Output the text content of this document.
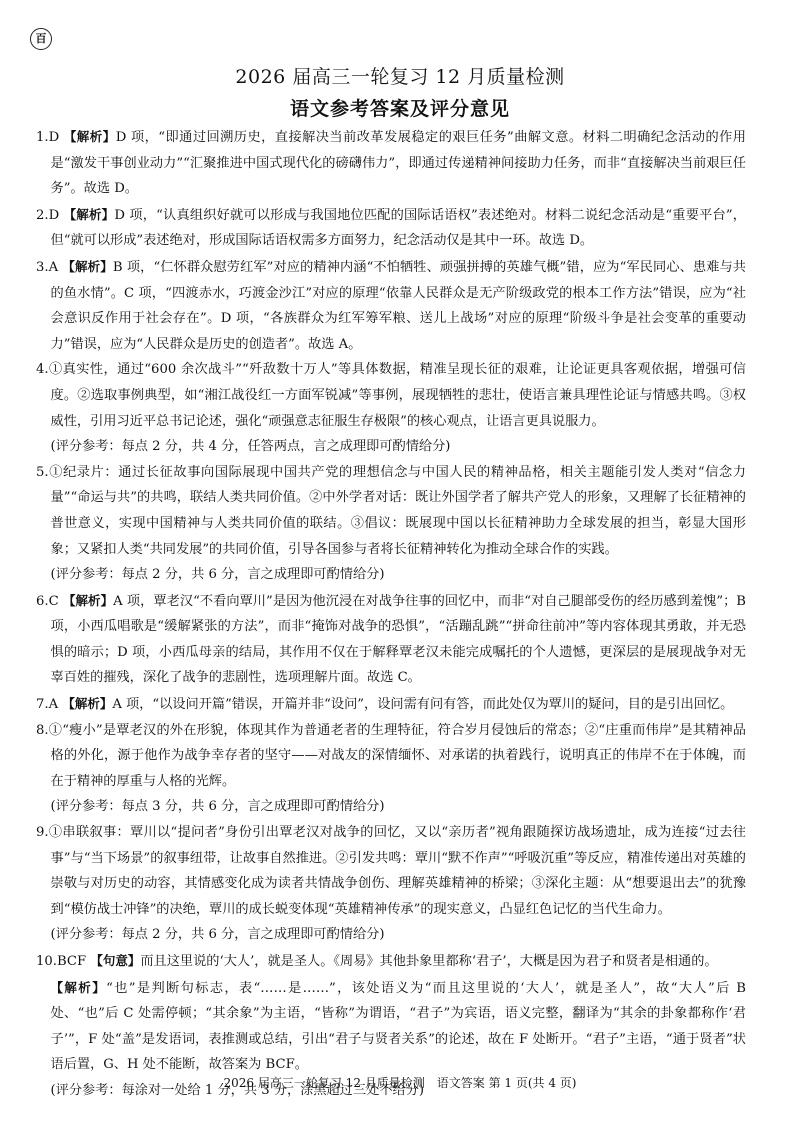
百
2026 届高三一轮复习 12 月质量检测
语文参考答案及评分意见

1.D 【解析】D 项，“即通过回溯历史，直接解决当前改革发展稳定的艰巨任务”曲解文意。材料二明确纪念活动的作用是“激发干事创业动力”“汇聚推进中国式现代化的磅礴伟力”，即通过传递精神间接助力任务，而非“直接解决当前艰巨任务”。故选 D。

2.D 【解析】D 项，“认真组织好就可以形成与我国地位匹配的国际话语权”表述绝对。材料二说纪念活动是“重要平台”，但“就可以形成”表述绝对，形成国际话语权需多方面努力，纪念活动仅是其中一环。故选 D。

3.A 【解析】B 项，“仁怀群众慰劳红军”对应的精神内涵“不怕牺牲、顽强拼搏的英雄气概”错，应为“军民同心、患难与共的鱼水情”。C 项，“四渡赤水，巧渡金沙江”对应的原理“依靠人民群众是无产阶级政党的根本工作方法”错误，应为“社会意识反作用于社会存在”。D 项，“各族群众为红军筹军粮、送儿上战场”对应的原理“阶级斗争是社会变革的重要动力”错误，应为“人民群众是历史的创造者”。故选 A。

4.①真实性，通过“600 余次战斗”“歼敌数十万人”等具体数据，精准呈现长征的艰难，让论证更具客观依据，增强可信度。②选取事例典型，如“湘江战役红一方面军锐减”等事例，展现牺牲的悲壮，使语言兼具理性论证与情感共鸣。③权威性，引用习近平总书记论述，强化“顽强意志征服生存极限”的核心观点，让语言更具说服力。

(评分参考：每点 2 分，共 4 分，任答两点，言之成理即可酌情给分)

5.①纪录片：通过长征故事向国际展现中国共产党的理想信念与中国人民的精神品格，相关主题能引发人类对“信念力量”“命运与共”的共鸣，联结人类共同价值。②中外学者对话：既让外国学者了解共产党人的形象，又理解了长征精神的普世意义，实现中国精神与人类共同价值的联结。③倡议：既展现中国以长征精神助力全球发展的担当，彰显大国形象；又紧扣人类“共同发展”的共同价值，引导各国参与者将长征精神转化为推动全球合作的实践。

(评分参考：每点 2 分，共 6 分，言之成理即可酌情给分)

6.C 【解析】A 项，覃老汉“不看向覃川”是因为他沉浸在对战争往事的回忆中，而非“对自己腿部受伤的经历感到羞愧”；B 项，小西瓜唱歌是“缓解紧张的方法”，而非“掩饰对战争的恐惧”，“活蹦乱跳”“拼命往前冲”等内容体现其勇敢，并无恐惧的暗示；D 项，小西瓜母亲的结局，其作用不仅在于解释覃老汉未能完成嘱托的个人遗憾，更深层的是展现战争对无辜百姓的摧残，深化了战争的悲剧性，选项理解片面。故选 C。

7.A 【解析】A 项，“以设问开篇”错误，开篇并非“设问”，设问需有问有答，而此处仅为覃川的疑问，目的是引出回忆。

8.①“瘦小”是覃老汉的外在形貌，体现其作为普通老者的生理特征，符合岁月侵蚀后的常态；②“庄重而伟岸”是其精神品格的外化，源于他作为战争幸存者的坚守——对战友的深情缅怀、对承诺的执着践行，说明真正的伟岸不在于体魄，而在于精神的厚重与人格的光辉。

(评分参考：每点 3 分，共 6 分，言之成理即可酌情给分)

9.①串联叙事：覃川以“提问者”身份引出覃老汉对战争的回忆，又以“亲历者”视角跟随探访战场遗址，成为连接“过去往事”与“当下场景”的叙事纽带，让故事自然推进。②引发共鸣：覃川“默不作声”“呼吸沉重”等反应，精准传递出对英雄的崇敬与对历史的动容，其情感变化成为读者共情战争创伤、理解英雄精神的桥梁；③深化主题：从“想要退出去”的犹豫到“模仿战士冲锋”的决绝，覃川的成长蜕变体现“英雄精神传承”的现实意义，凸显红色记忆的当代生命力。

(评分参考：每点 2 分，共 6 分，言之成理即可酌情给分)

10.BCF 【句意】而且这里说的‘大人’，就是圣人。《周易》其他卦象里都称‘君子’，大概是因为君子和贤者是相通的。

【解析】“也”是判断句标志，表“……是……”，该处语义为“而且这里说的‘大人’，就是圣人”，故“大人”后 B 处、“也”后 C 处需停顿；“其余象”为主语，“皆称”为谓语，“君子”为宾语，语义完整，翻译为“其余的卦象都称作‘君子’”，F 处“盖”是发语词，表推测或总结，引出“君子与贤者关系”的论述，故在 F 处断开。“君子”主语，“通于贤者”状语后置，G、H 处不能断，故答案为 BCF。

(评分参考：每涂对一处给 1 分，共 3 分，涂黑超过三处不给分)

2026 届高三一轮复习 12 月质量检测　语文答案 第 1 页(共 4 页)
